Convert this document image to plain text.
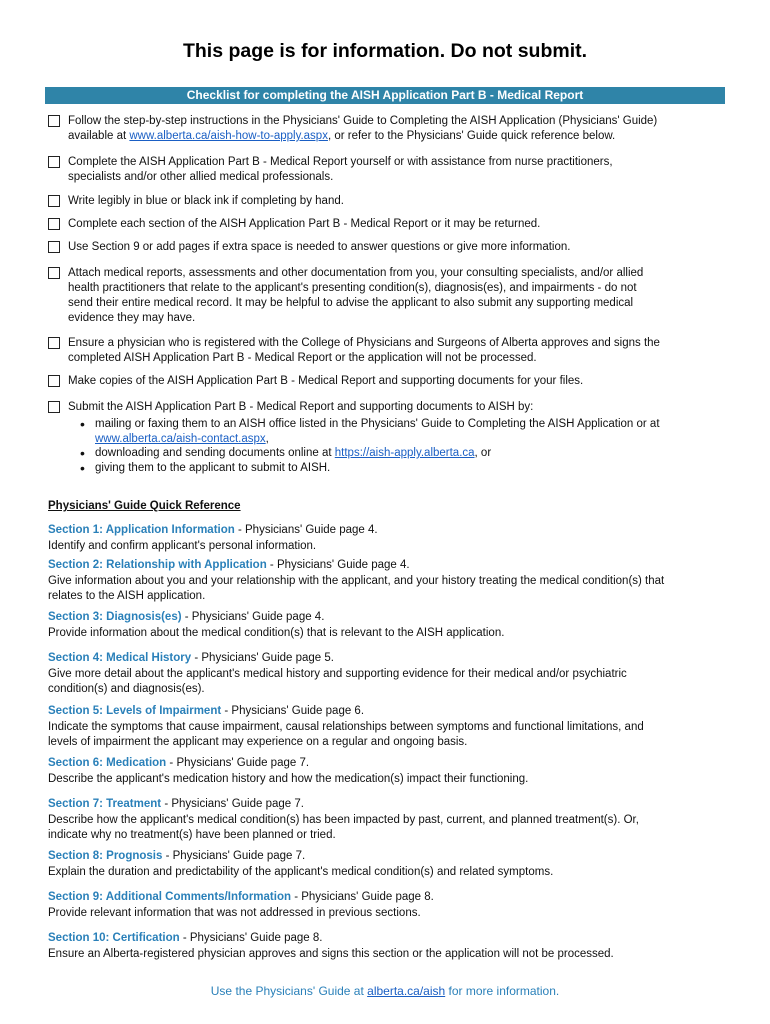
This page is for information. Do not submit.
Checklist for completing the AISH Application Part B - Medical Report
Follow the step-by-step instructions in the Physicians' Guide to Completing the AISH Application (Physicians' Guide)
available at www.alberta.ca/aish-how-to-apply.aspx, or refer to the Physicians' Guide quick reference below.
Complete the AISH Application Part B - Medical Report yourself or with assistance from nurse practitioners,
specialists and/or other allied medical professionals.
Write legibly in blue or black ink if completing by hand.
Complete each section of the AISH Application Part B - Medical Report or it may be returned.
Use Section 9 or add pages if extra space is needed to answer questions or give more information.
Attach medical reports, assessments and other documentation from you, your consulting specialists, and/or allied
health practitioners that relate to the applicant's presenting condition(s), diagnosis(es), and impairments - do not
send their entire medical record. It may be helpful to advise the applicant to also submit any supporting medical
evidence they may have.
Ensure a physician who is registered with the College of Physicians and Surgeons of Alberta approves and signs the
completed AISH Application Part B - Medical Report or the application will not be processed.
Make copies of the AISH Application Part B - Medical Report and supporting documents for your files.
Submit the AISH Application Part B - Medical Report and supporting documents to AISH by:
• mailing or faxing them to an AISH office listed in the Physicians' Guide to Completing the AISH Application or at
www.alberta.ca/aish-contact.aspx,
• downloading and sending documents online at https://aish-apply.alberta.ca, or
• giving them to the applicant to submit to AISH.
Physicians' Guide Quick Reference
Section 1: Application Information - Physicians' Guide page 4.
Identify and confirm applicant's personal information.
Section 2: Relationship with Application - Physicians' Guide page 4.
Give information about you and your relationship with the applicant, and your history treating the medical condition(s) that
relates to the AISH application.
Section 3: Diagnosis(es) - Physicians' Guide page 4.
Provide information about the medical condition(s) that is relevant to the AISH application.
Section 4: Medical History - Physicians' Guide page 5.
Give more detail about the applicant's medical history and supporting evidence for their medical and/or psychiatric
condition(s) and diagnosis(es).
Section 5: Levels of Impairment - Physicians' Guide page 6.
Indicate the symptoms that cause impairment, causal relationships between symptoms and functional limitations, and
levels of impairment the applicant may experience on a regular and ongoing basis.
Section 6: Medication - Physicians' Guide page 7.
Describe the applicant's medication history and how the medication(s) impact their functioning.
Section 7: Treatment - Physicians' Guide page 7.
Describe how the applicant's medical condition(s) has been impacted by past, current, and planned treatment(s). Or,
indicate why no treatment(s) have been planned or tried.
Section 8: Prognosis - Physicians' Guide page 7.
Explain the duration and predictability of the applicant's medical condition(s) and related symptoms.
Section 9: Additional Comments/Information - Physicians' Guide page 8.
Provide relevant information that was not addressed in previous sections.
Section 10: Certification - Physicians' Guide page 8.
Ensure an Alberta-registered physician approves and signs this section or the application will not be processed.
Use the Physicians' Guide at alberta.ca/aish for more information.
